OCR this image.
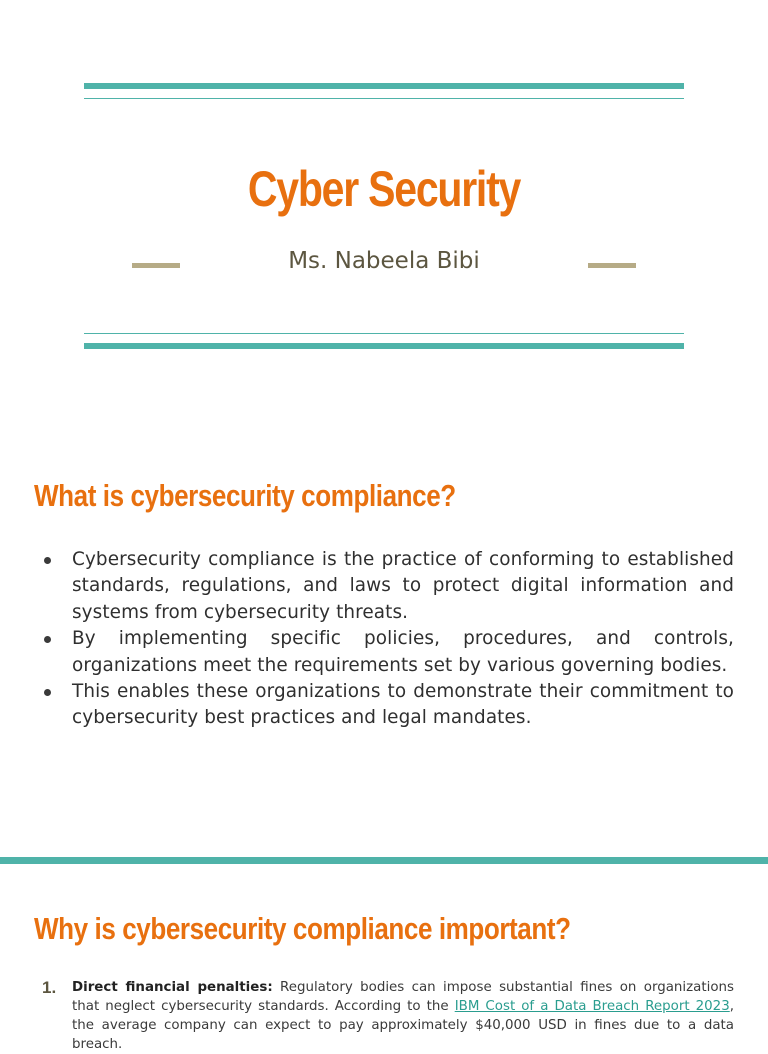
Cyber Security
Ms. Nabeela Bibi
What is cybersecurity compliance?
Cybersecurity compliance is the practice of conforming to established standards, regulations, and laws to protect digital information and systems from cybersecurity threats.
By implementing specific policies, procedures, and controls, organizations meet the requirements set by various governing bodies.
This enables these organizations to demonstrate their commitment to cybersecurity best practices and legal mandates.
Why is cybersecurity compliance important?
1. Direct financial penalties: Regulatory bodies can impose substantial fines on organizations that neglect cybersecurity standards. According to the IBM Cost of a Data Breach Report 2023, the average company can expect to pay approximately $40,000 USD in fines due to a data breach.
